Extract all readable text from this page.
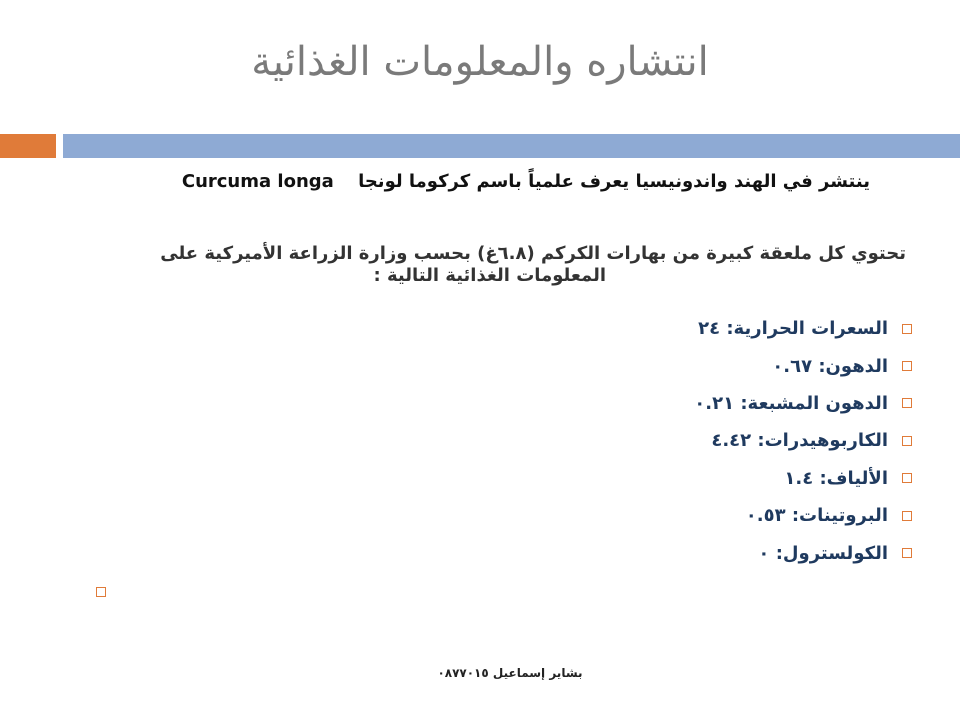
انتشاره والمعلومات الغذائية
Curcuma longa ينتشر في الهند واندونيسيا يعرف علمياً باسم كركوما لونجا
تحتوي كل ملعقة كبيرة من بهارات الكركم (٦.٨غ) بحسب وزارة الزراعة الأميركية على
المعلومات الغذائية التالية :
السعرات الحرارية: ٢٤
الدهون: ٠.٦٧
الدهون المشبعة: ٠.٢١
الكاربوهيدرات: ٤.٤٢
الألياف: ١.٤
البروتينات: ٠.٥٣
الكولسترول: ٠
بشاير إسماعيل ٠٨٧٧٠١٥
